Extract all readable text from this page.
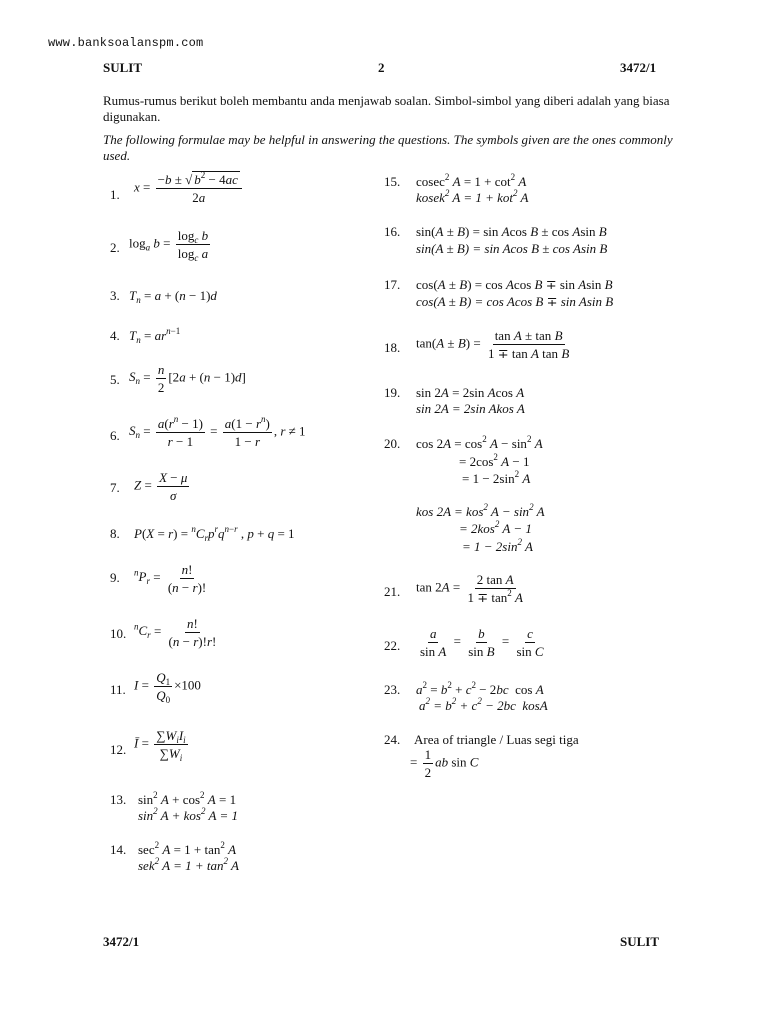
www.banksoalanspm.com
SULIT	2	3472/1
Rumus-rumus berikut boleh membantu anda menjawab soalan. Simbol-simbol yang diberi adalah yang biasa digunakan.
The following formulae may be helpful in answering the questions. The symbols given are the ones commonly used.
1.
$x = \frac{-b \pm √ b^2 - 4ac}{2a}$
2. $\log_a b = \frac{\log_c b}{\log_c a}$
3. $T_n = a + (n - 1)d$
4. $T_n = ar^{n-1}$
5. $S_n = \frac{n}{2} [2a + (n - 1)d]$
6. $S_n = \frac{a(r^n - 1)}{r - 1} = \frac{a(1 - r^n)}{1 - r}$ , r ≠ 1
7. $Z = \frac{X - \mu}{\sigma}$
8. $P(X = r) = ^nC_rp^rq^{n-r}$ , p + q = 1
9. $^nP_r = \frac{n!}{(n - r)!}$
10. $^nC_r = \frac{n!}{(n - r)!r!}$
11. $I = \frac{Q_1}{Q_0} \times 100$
12. Ī = $\frac{\sum W_iI_i}{\sum W_i}$
13. $\sin^2 A + \cos^2 A = 1$
$\sin^2 A + kos^2$ A = 1
14. $\sec^2 A = 1 + \tan^2 A$
sek$^2$ $A = 1 + \tan^2 A$
15. cosec$^2$ $A = 1 + \cot^2 A$
kosek$^2$ A = 1 + kot$^2$ A
16. sin(A ± B) = sin Acos B ± cos Asin B
sin(A ± B) = sin Acos B ± cos Asin B
17. cos(A ± B) = cos Acos B ∓ sin Asin B
cos(A ± B) = cos Acos B ∓ sin Asin B
18. $\tan(A \pm B) = \frac{\text{tan A ± tan B}}{\text{1 ∓ tan A tan B}}$
19. sin 2A = 2sin Acos A
sin 2A = 2sin Akos A
20. $\cos 2A = \cos^2 A - \sin^2 A$
= $2\cos^2$ A − 1
= $1 - 2\sin^2$ A
kos 2A = kos$^2$ $A - \sin^2 A$
= 2kos$^2$ A − 1
= $1 - 2\sin^2$ A
21. $\tan 2A = \frac{\text{2 tan A}}{1 \mp \tan^2 A}$
22. $\frac{a}{\text{sin A}} = \frac{b}{\text{sin B}} = \frac{c}{\text{sin C}}$
23. $a^2 = b^2 + c^2 - 2bc$  cos A
$a^2 = b^2 + c^2 - 2bc$  kosA
24. Area of triangle / Luas segi tiga
= $\frac{1}{2}$ ab sin C
3472/1	SULIT
